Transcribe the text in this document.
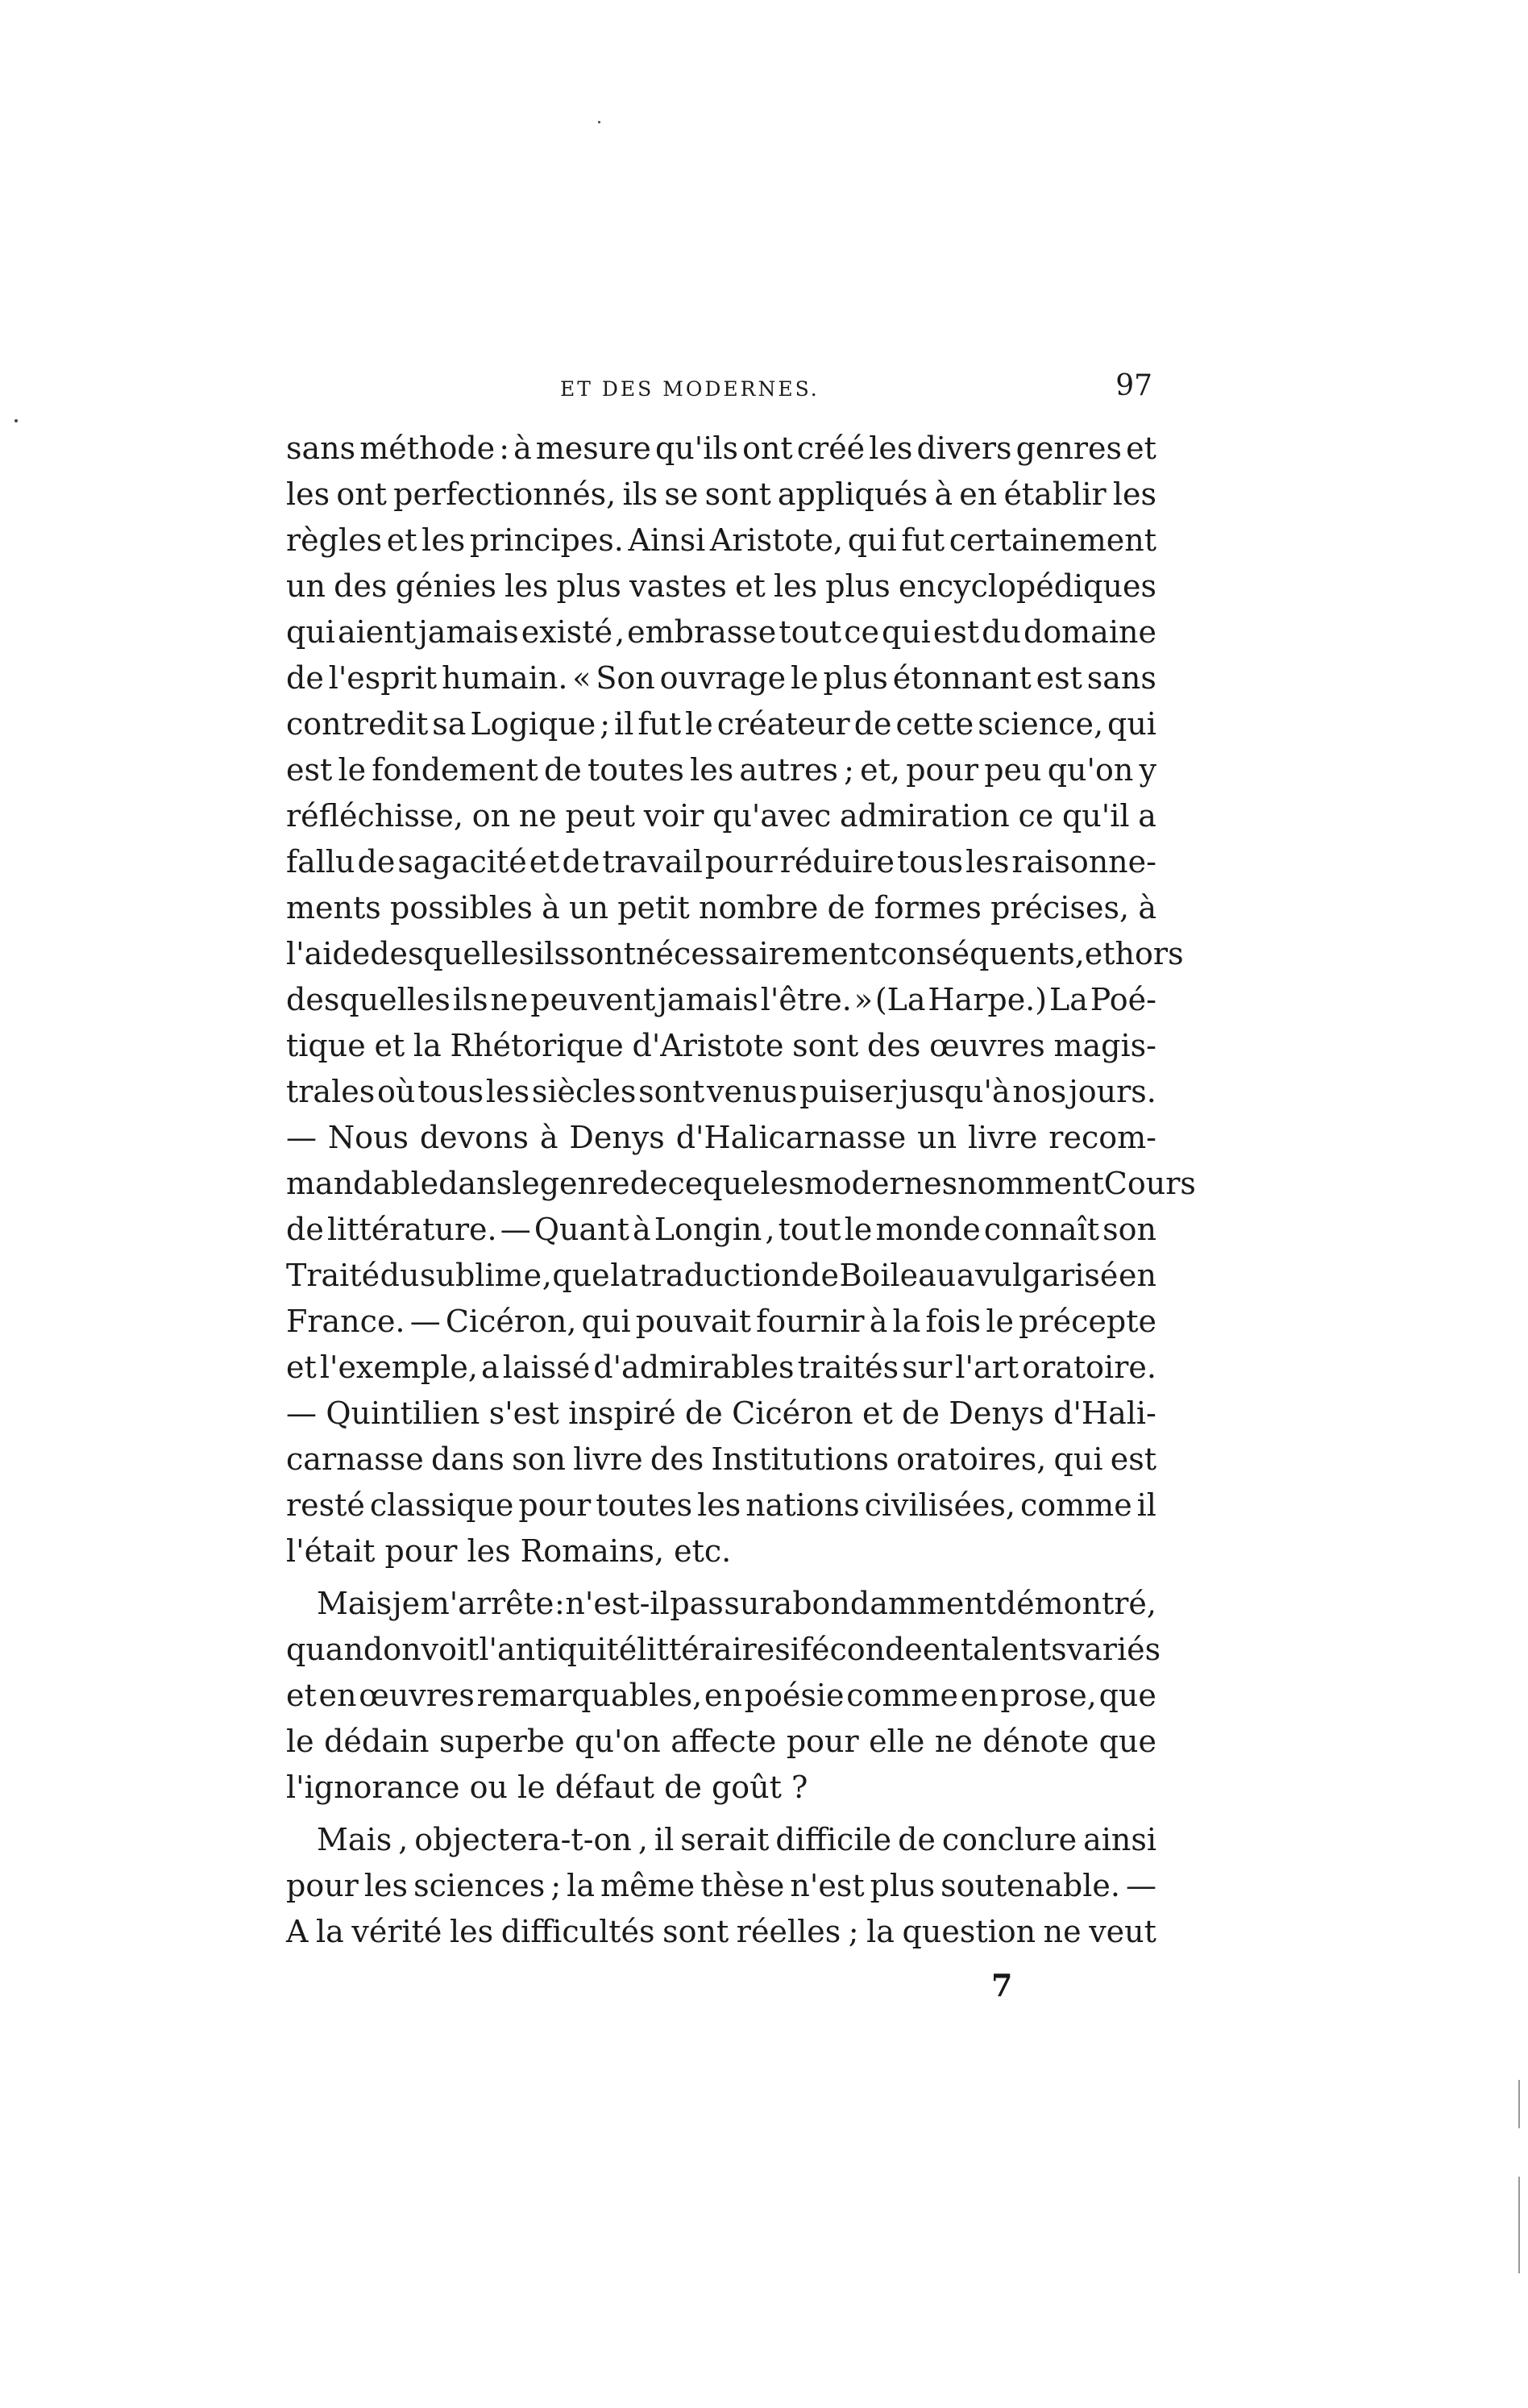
ET DES MODERNES.	97
sans méthode : à mesure qu'ils ont créé les divers genres et
les ont perfectionnés, ils se sont appliqués à en établir les
règles et les principes. Ainsi Aristote, qui fut certainement
un des génies les plus vastes et les plus encyclopédiques
qui aient jamais existé , embrasse tout ce qui est du domaine
de l'esprit humain. « Son ouvrage le plus étonnant est sans
contredit sa Logique ; il fut le créateur de cette science, qui
est le fondement de toutes les autres ; et, pour peu qu'on y
réfléchisse, on ne peut voir qu'avec admiration ce qu'il a
fallu de sagacité et de travail pour réduire tous les raisonne-
ments possibles à un petit nombre de formes précises, à
l'aide desquelles ils sont nécessairement conséquents ,et hors
desquelles ils ne peuvent jamais l'être. » (La Harpe.) La Poé-
tique et la Rhétorique d'Aristote sont des œuvres magis-
trales où tous les siècles sont venus puiser jusqu'à nos jours.
— Nous devons à Denys d'Halicarnasse un livre recom-
mandable dans le genre de ce que les modernes nomment Cours
de littérature. — Quant à Longin , tout le monde connaît son
Traité du sublime , que la traduction de Boileau a vulgarisé en
France. — Cicéron, qui pouvait fournir à la fois le précepte
et l'exemple, a laissé d'admirables traités sur l'art oratoire.
— Quintilien s'est inspiré de Cicéron et de Denys d'Hali-
carnasse dans son livre des Institutions oratoires, qui est
resté classique pour toutes les nations civilisées, comme il
l'était pour les Romains, etc.
Mais je m'arrête : n'est-il pas surabondamment démontré,
quand on voit l'antiquité littéraire si féconde en talents variés
et en œuvres remarquables, en poésie comme en prose, que
le dédain superbe qu'on affecte pour elle ne dénote que
l'ignorance ou le défaut de goût ?
Mais , objectera-t-on , il serait difficile de conclure ainsi
pour les sciences ; la même thèse n'est plus soutenable. —
A la vérité les difficultés sont réelles ; la question ne veut
7
